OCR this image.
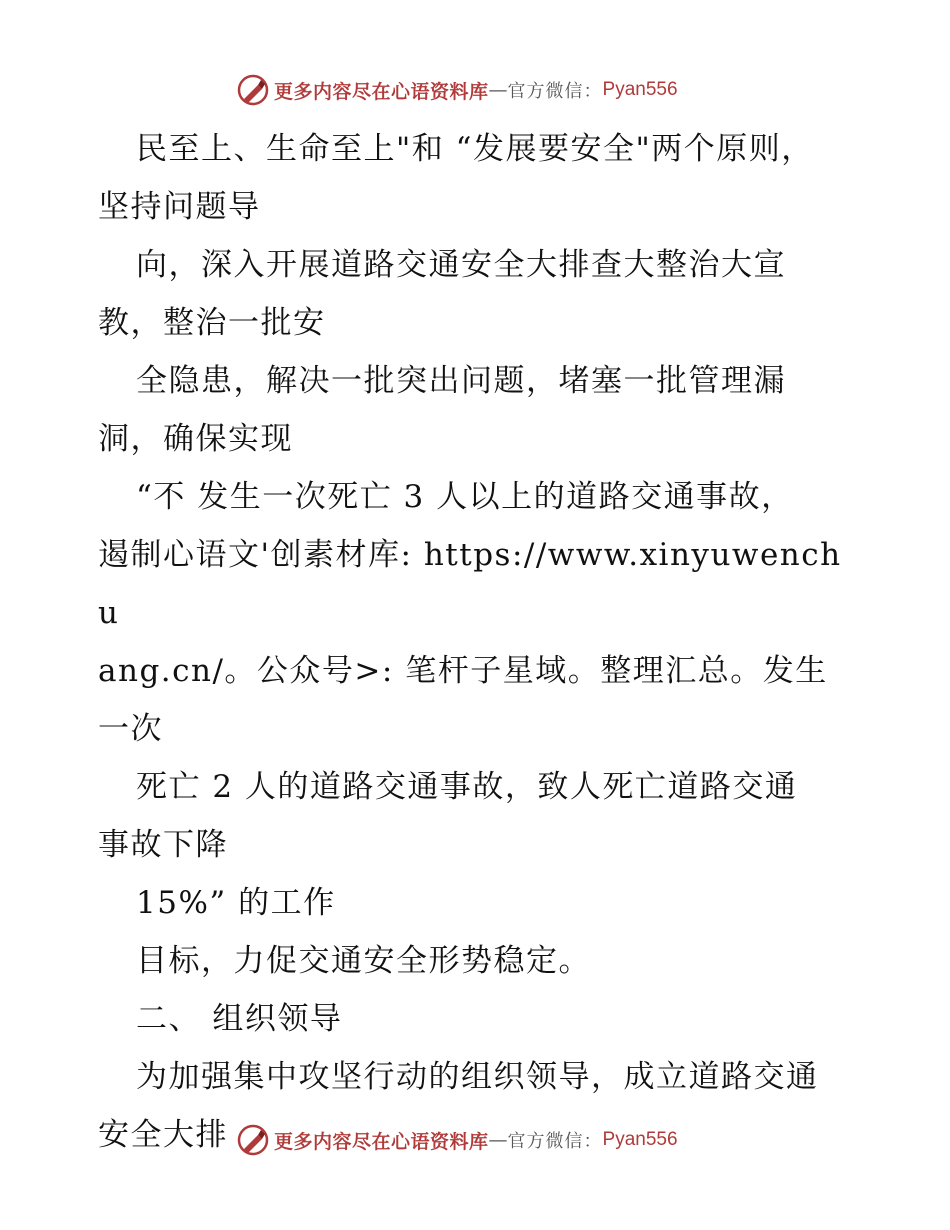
更多内容尽在心语资料库 — 官方微信： Pyan556

民至上、生命至上"和 “发展要安全"两个原则，

坚持问题导

向，深入开展道路交通安全大排查大整治大宣

教，整治一批安

全隐患，解决一批突出问题，堵塞一批管理漏

洞，确保实现

“不 发生一次死亡 3 人以上的道路交通事故，

遏制心语文'创素材库: https://www.xinyuwenchu

ang.cn/。公众号>: 笔杆子星域。整理汇总。发生

一次

死亡 2 人的道路交通事故，致人死亡道路交通

事故下降

15%” 的工作

目标，力促交通安全形势稳定。

二、 组织领导

为加强集中攻坚行动的组织领导，成立道路交通

安全大排	更多内容尽在心语资料库 — 官方微信： Pyan556
